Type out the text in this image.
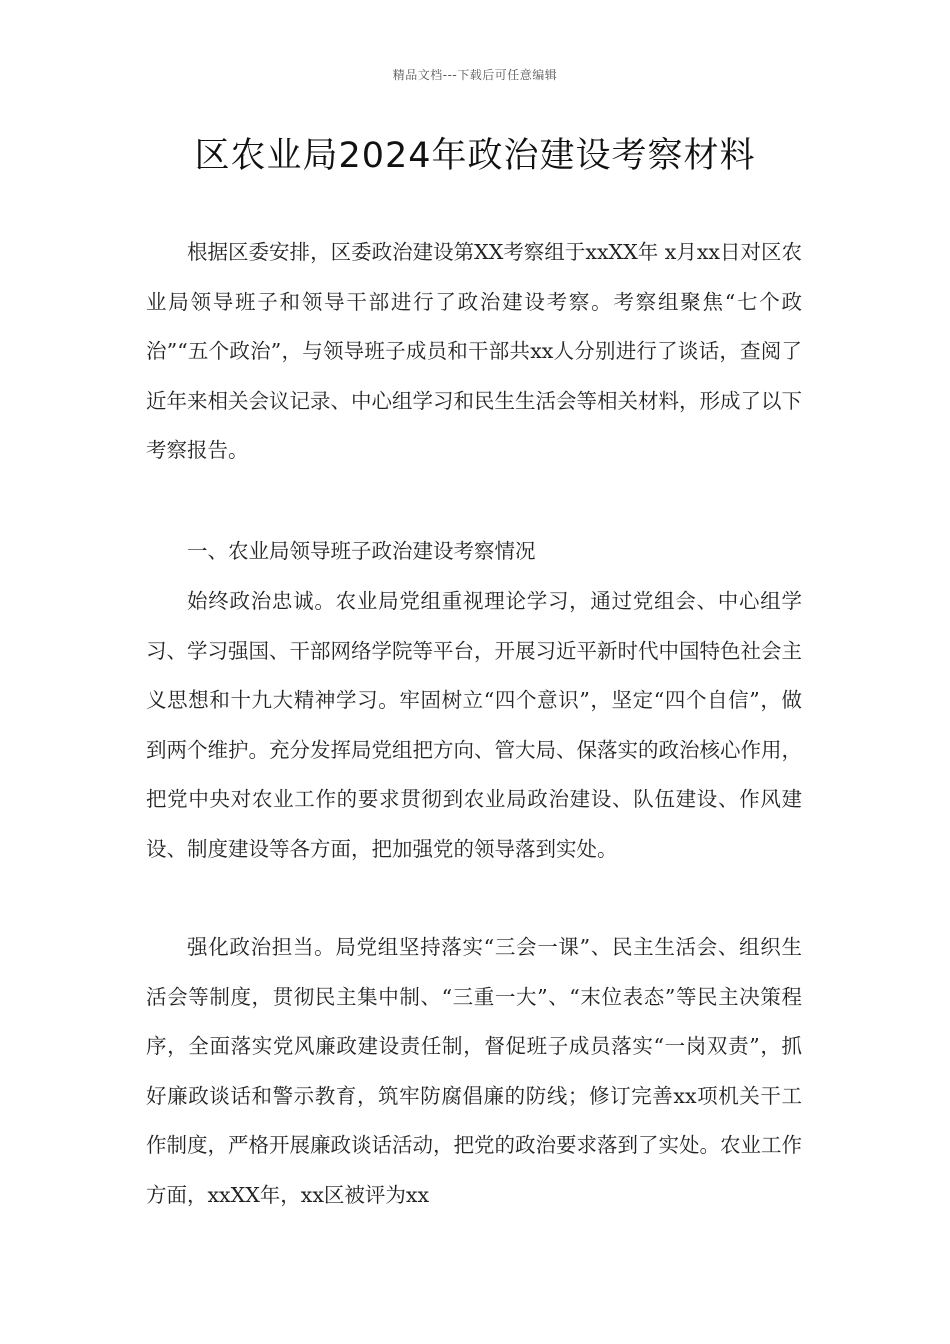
精品文档---下载后可任意编辑
区农业局2024年政治建设考察材料

根据区委安排，区委政治建设第XX考察组于xxXX年 x月xx日对区农业局领导班子和领导干部进行了政治建设考察。考察组聚焦“七个政治”“五个政治”，与领导班子成员和干部共xx人分别进行了谈话，查阅了近年来相关会议记录、中心组学习和民生生活会等相关材料，形成了以下考察报告。

一、农业局领导班子政治建设考察情况

始终政治忠诚。农业局党组重视理论学习，通过党组会、中心组学习、学习强国、干部网络学院等平台，开展习近平新时代中国特色社会主义思想和十九大精神学习。牢固树立“四个意识”，坚定“四个自信”，做到两个维护。充分发挥局党组把方向、管大局、保落实的政治核心作用，把党中央对农业工作的要求贯彻到农业局政治建设、队伍建设、作风建设、制度建设等各方面，把加强党的领导落到实处。

强化政治担当。局党组坚持落实“三会一课”、民主生活会、组织生活会等制度，贯彻民主集中制、“三重一大”、“末位表态”等民主决策程序，全面落实党风廉政建设责任制，督促班子成员落实“一岗双责”，抓好廉政谈话和警示教育，筑牢防腐倡廉的防线；修订完善xx项机关干工作制度，严格开展廉政谈话活动，把党的政治要求落到了实处。农业工作方面，xxXX年，xx区被评为xx
